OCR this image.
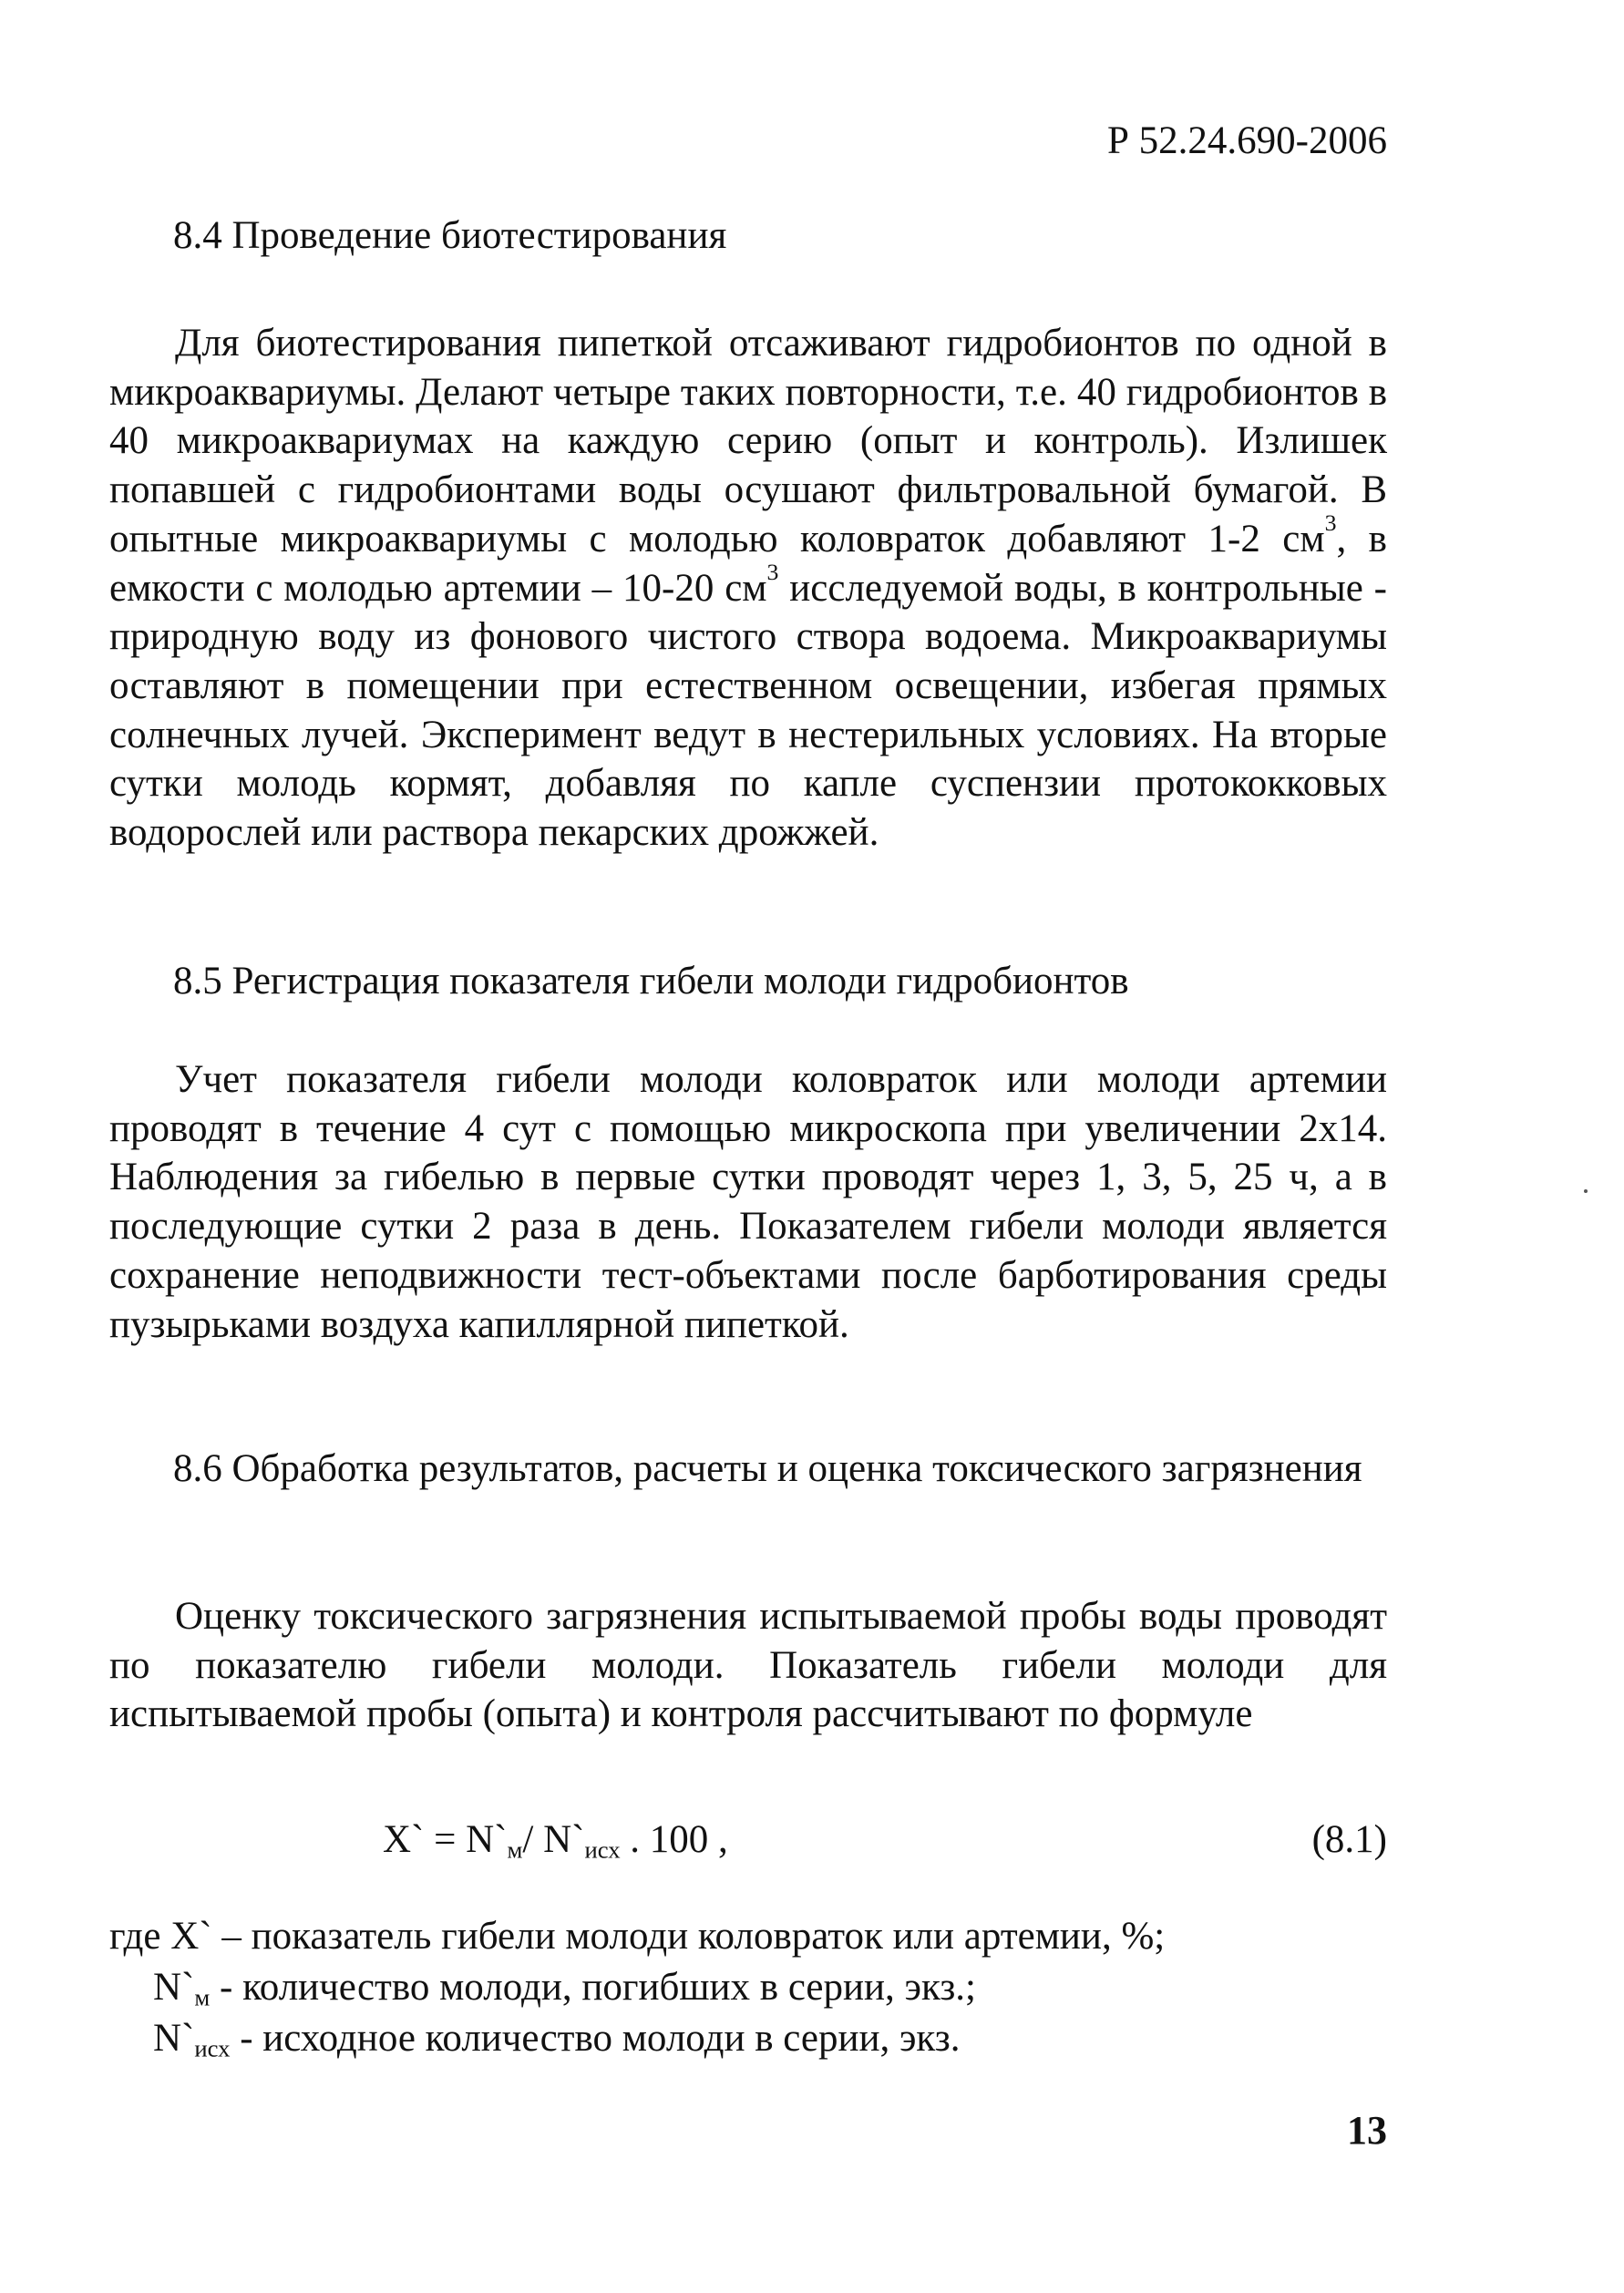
Р 52.24.690-2006
8.4 Проведение биотестирования
Для биотестирования пипеткой отсаживают гидробионтов по одной в микроаквариумы. Делают четыре таких повторности, т.е. 40 гидробионтов в 40 микроаквариумах на каждую серию (опыт и контроль). Излишек попавшей с гидробионтами воды осушают фильтровальной бумагой. В опытные микроаквариумы с молодью коловраток добавляют 1-2 $см^3$, в емкости с молодью артемии – 10-20 $см^3$ исследуемой воды, в контрольные - природную воду из фонового чистого створа водоема. Микроаквариумы оставляют в помещении при естественном освещении, избегая прямых солнечных лучей. Эксперимент ведут в нестерильных условиях. На вторые сутки молодь кормят, добавляя по капле суспензии протококковых водорослей или раствора пекарских дрожжей.
8.5 Регистрация показателя гибели молоди гидробионтов
Учет показателя гибели молоди коловраток или молоди артемии проводят в течение 4 сут с помощью микроскопа при увеличении 2х14. Наблюдения за гибелью в первые сутки проводят через 1, 3, 5, 25 ч, а в последующие сутки 2 раза в день. Показателем гибели молоди является сохранение неподвижности тест-объектами после барботирования среды пузырьками воздуха капиллярной пипеткой.
8.6 Обработка результатов, расчеты и оценка токсического загрязнения
Оценку токсического загрязнения испытываемой пробы воды проводят по показателю гибели молоди. Показатель гибели молоди для испытываемой пробы (опыта) и контроля рассчитывают по формуле
X` = $N`_м/$ $N`_{исх}$ . 100 ,	(8.1)
где X` – показатель гибели молоди коловраток или артемии, %;
$N`_м$ - количество молоди, погибших в серии, экз.;
$N`_{исх}$ - исходное количество молоди в серии, экз.
13
